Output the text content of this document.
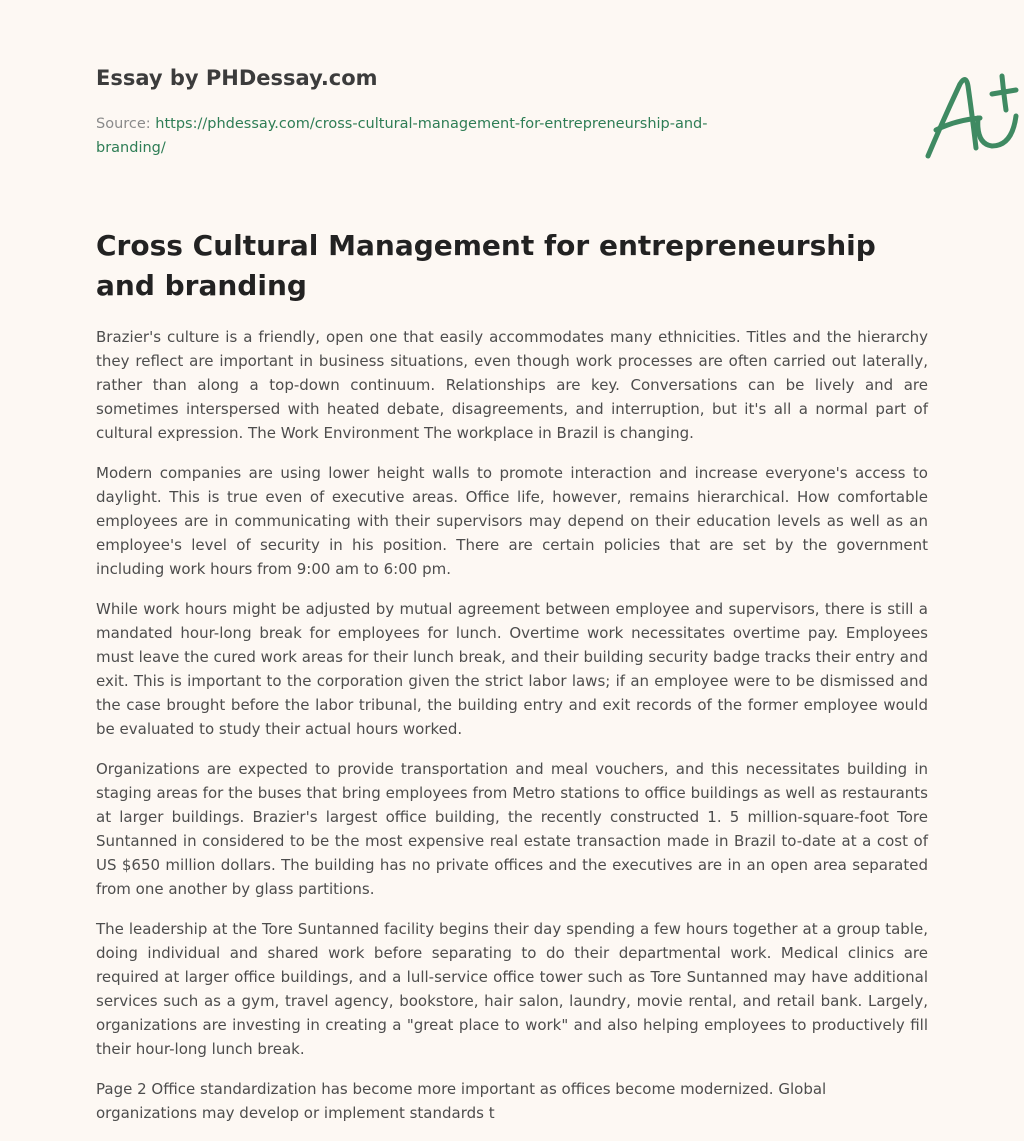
Essay by PHDessay.com
Source: https://phdessay.com/cross-cultural-management-for-entrepreneurship-and-branding/
Cross Cultural Management for entrepreneurship and branding

Brazier's culture is a friendly, open one that easily accommodates many ethnicities. Titles and the hierarchy they reflect are important in business situations, even though work processes are often carried out laterally, rather than along a top-down continuum. Relationships are key. Conversations can be lively and are sometimes interspersed with heated debate, disagreements, and interruption, but it's all a normal part of cultural expression. The Work Environment The workplace in Brazil is changing.

Modern companies are using lower height walls to promote interaction and increase everyone's access to daylight. This is true even of executive areas. Office life, however, remains hierarchical. How comfortable employees are in communicating with their supervisors may depend on their education levels as well as an employee's level of security in his position. There are certain policies that are set by the government including work hours from 9:00 am to 6:00 pm.

While work hours might be adjusted by mutual agreement between employee and supervisors, there is still a mandated hour-long break for employees for lunch. Overtime work necessitates overtime pay. Employees must leave the cured work areas for their lunch break, and their building security badge tracks their entry and exit. This is important to the corporation given the strict labor laws; if an employee were to be dismissed and the case brought before the labor tribunal, the building entry and exit records of the former employee would be evaluated to study their actual hours worked.

Organizations are expected to provide transportation and meal vouchers, and this necessitates building in staging areas for the buses that bring employees from Metro stations to office buildings as well as restaurants at larger buildings. Brazier's largest office building, the recently constructed 1. 5 million-square-foot Tore Suntanned in considered to be the most expensive real estate transaction made in Brazil to-date at a cost of US $650 million dollars. The building has no private offices and the executives are in an open area separated from one another by glass partitions.

The leadership at the Tore Suntanned facility begins their day spending a few hours together at a group table, doing individual and shared work before separating to do their departmental work. Medical clinics are required at larger office buildings, and a lull-service office tower such as Tore Suntanned may have additional services such as a gym, travel agency, bookstore, hair salon, laundry, movie rental, and retail bank. Largely, organizations are investing in creating a "great place to work" and also helping employees to productively fill their hour-long lunch break.

Page 2 Office standardization has become more important as offices become modernized. Global organizations may develop or implement standards t
